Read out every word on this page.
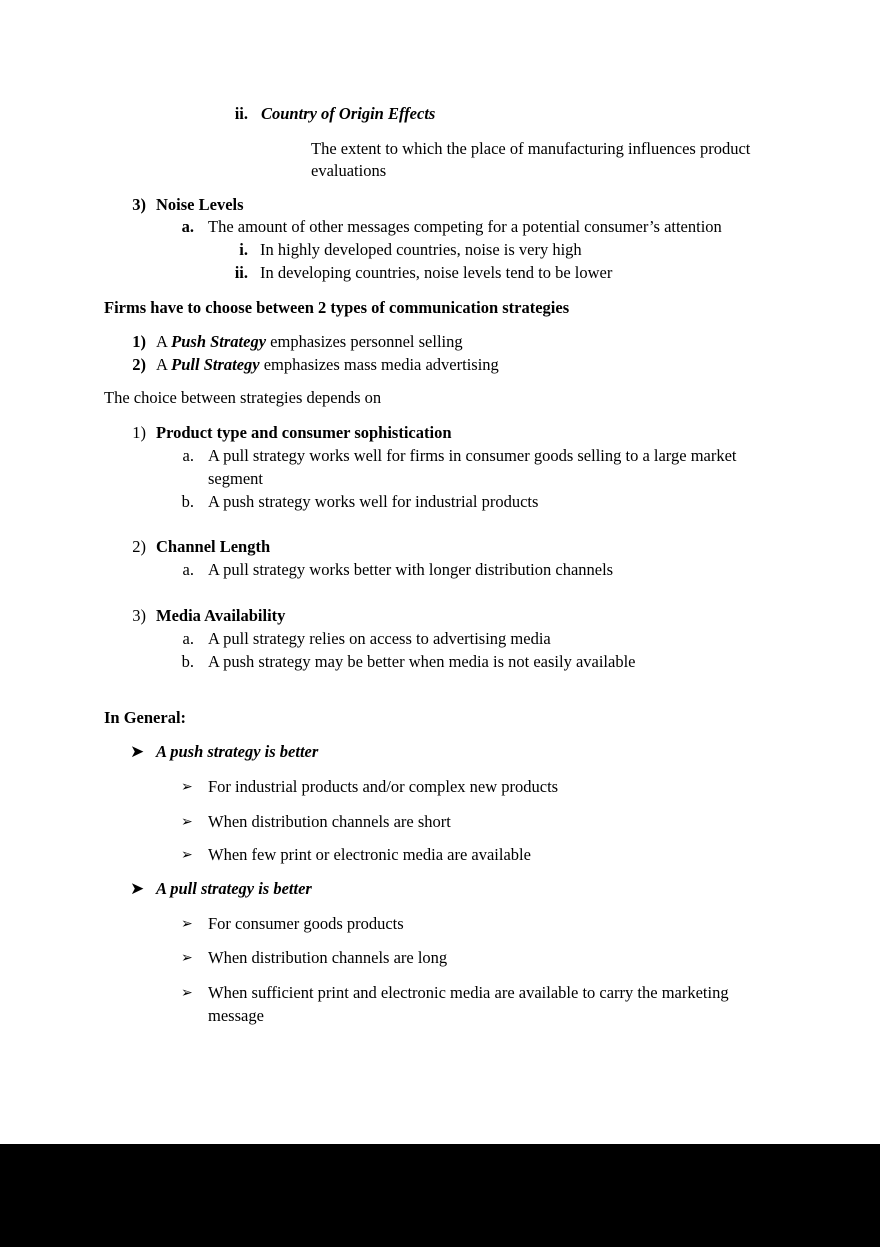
ii. Country of Origin Effects
The extent to which the place of manufacturing influences product
evaluations
3) Noise Levels
a. The amount of other messages competing for a potential consumer’s attention
i. In highly developed countries, noise is very high
ii. In developing countries, noise levels tend to be lower
Firms have to choose between 2 types of communication strategies
1) A Push Strategy emphasizes personnel selling
2) A Pull Strategy emphasizes mass media advertising
The choice between strategies depends on
1) Product type and consumer sophistication
a. A pull strategy works well for firms in consumer goods selling to a large market
segment
b. A push strategy works well for industrial products
2) Channel Length
a. A pull strategy works better with longer distribution channels
3) Media Availability
a. A pull strategy relies on access to advertising media
b. A push strategy may be better when media is not easily available
In General:
➤ A push strategy is better
➢ For industrial products and/or complex new products
➢ When distribution channels are short
➢ When few print or electronic media are available
➤ A pull strategy is better
➢ For consumer goods products
➢ When distribution channels are long
➢ When sufficient print and electronic media are available to carry the marketing
message
